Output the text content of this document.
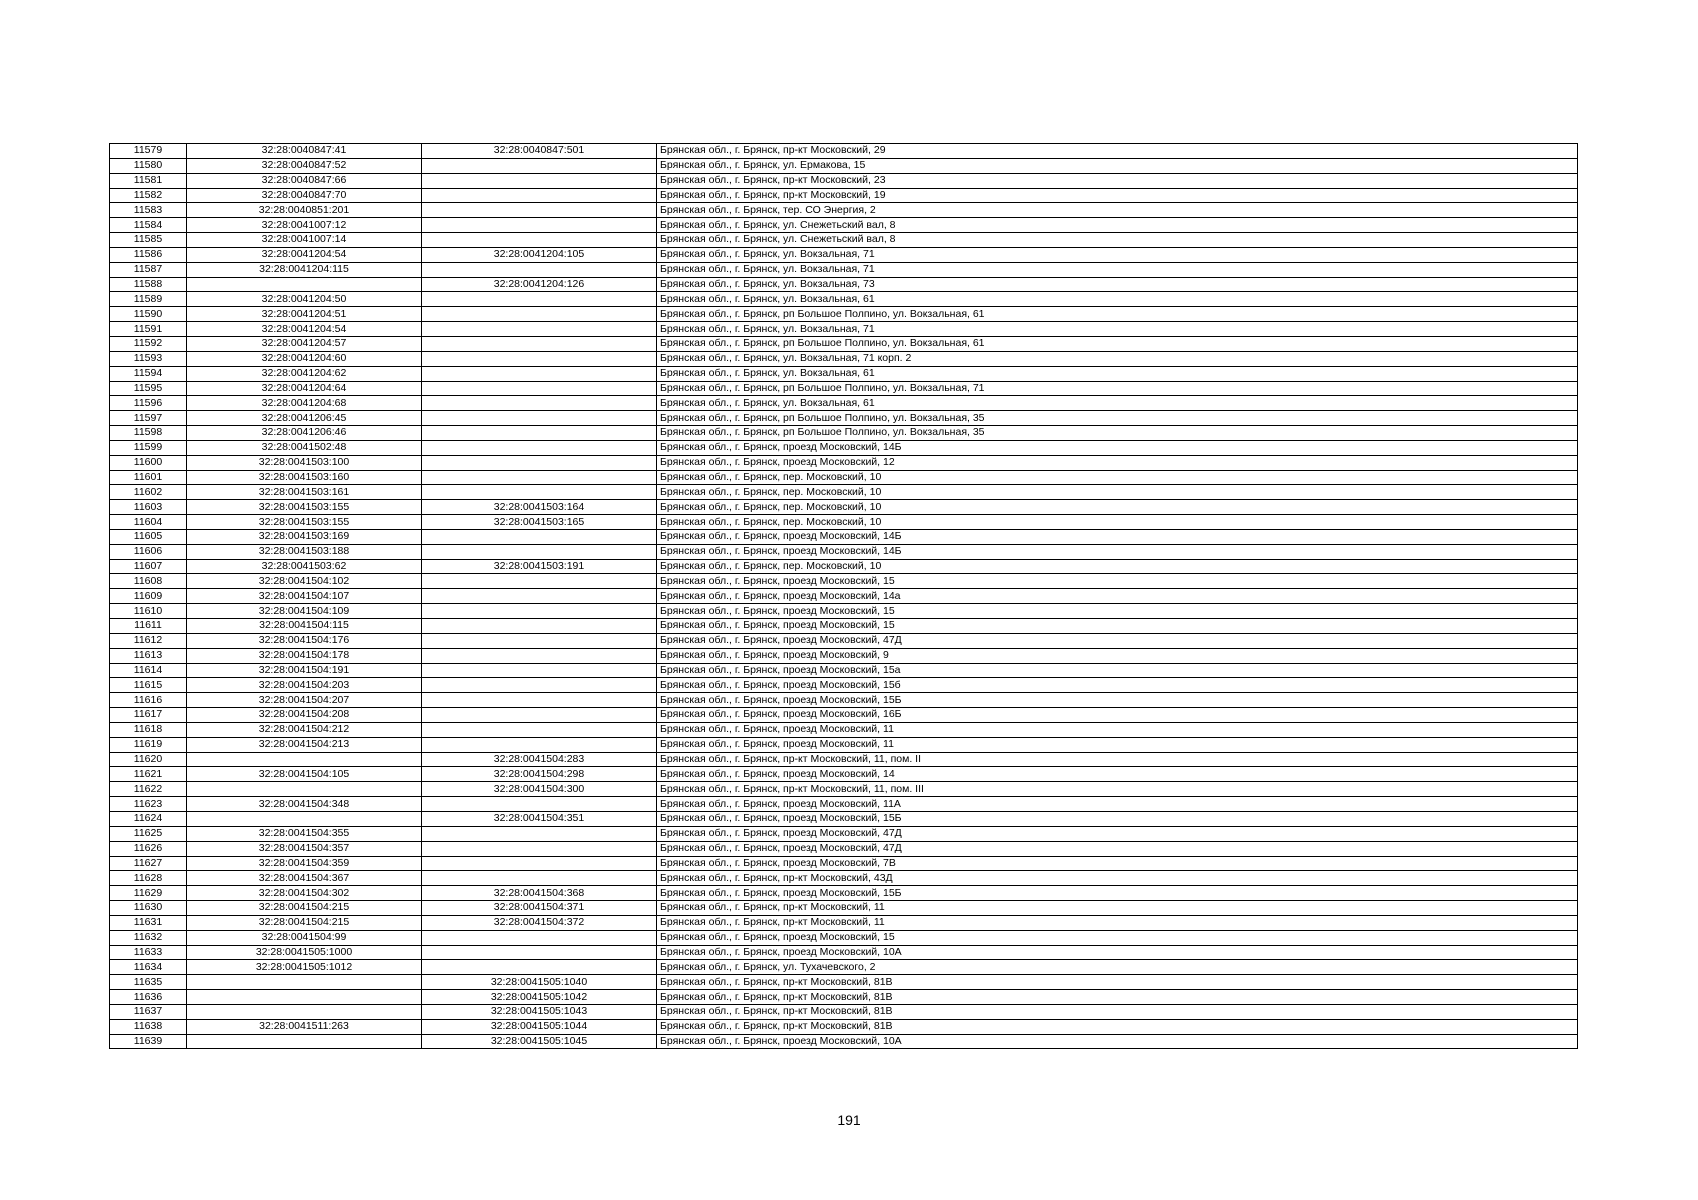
11579	32:28:0040847:41	32:28:0040847:501	Брянская обл., г. Брянск, пр-кт Московский, 29
11580	32:28:0040847:52		Брянская обл., г. Брянск, ул. Ермакова, 15
11581	32:28:0040847:66		Брянская обл., г. Брянск, пр-кт Московский, 23
11582	32:28:0040847:70		Брянская обл., г. Брянск, пр-кт Московский, 19
11583	32:28:0040851:201		Брянская обл., г. Брянск, тер. СО Энергия, 2
11584	32:28:0041007:12		Брянская обл., г. Брянск, ул. Снежетьский вал, 8
11585	32:28:0041007:14		Брянская обл., г. Брянск, ул. Снежетьский вал, 8
11586	32:28:0041204:54	32:28:0041204:105	Брянская обл., г. Брянск, ул. Вокзальная, 71
11587	32:28:0041204:115		Брянская обл., г. Брянск, ул. Вокзальная, 71
11588		32:28:0041204:126	Брянская обл., г. Брянск, ул. Вокзальная, 73
11589	32:28:0041204:50		Брянская обл., г. Брянск, ул. Вокзальная, 61
11590	32:28:0041204:51		Брянская обл., г. Брянск, рп Большое Полпино, ул. Вокзальная, 61
11591	32:28:0041204:54		Брянская обл., г. Брянск, ул. Вокзальная, 71
11592	32:28:0041204:57		Брянская обл., г. Брянск, рп Большое Полпино, ул. Вокзальная, 61
11593	32:28:0041204:60		Брянская обл., г. Брянск, ул. Вокзальная, 71 корп. 2
11594	32:28:0041204:62		Брянская обл., г. Брянск, ул. Вокзальная, 61
11595	32:28:0041204:64		Брянская обл., г. Брянск, рп Большое Полпино, ул. Вокзальная, 71
11596	32:28:0041204:68		Брянская обл., г. Брянск, ул. Вокзальная, 61
11597	32:28:0041206:45		Брянская обл., г. Брянск, рп Большое Полпино, ул. Вокзальная, 35
11598	32:28:0041206:46		Брянская обл., г. Брянск, рп Большое Полпино, ул. Вокзальная, 35
11599	32:28:0041502:48		Брянская обл., г. Брянск, проезд Московский, 14Б
11600	32:28:0041503:100		Брянская обл., г. Брянск, проезд Московский, 12
11601	32:28:0041503:160		Брянская обл., г. Брянск, пер. Московский, 10
11602	32:28:0041503:161		Брянская обл., г. Брянск, пер. Московский, 10
11603	32:28:0041503:155	32:28:0041503:164	Брянская обл., г. Брянск, пер. Московский, 10
11604	32:28:0041503:155	32:28:0041503:165	Брянская обл., г. Брянск, пер. Московский, 10
11605	32:28:0041503:169		Брянская обл., г. Брянск, проезд Московский, 14Б
11606	32:28:0041503:188		Брянская обл., г. Брянск, проезд Московский, 14Б
11607	32:28:0041503:62	32:28:0041503:191	Брянская обл., г. Брянск, пер. Московский, 10
11608	32:28:0041504:102		Брянская обл., г. Брянск, проезд Московский, 15
11609	32:28:0041504:107		Брянская обл., г. Брянск, проезд Московский, 14а
11610	32:28:0041504:109		Брянская обл., г. Брянск, проезд Московский, 15
11611	32:28:0041504:115		Брянская обл., г. Брянск, проезд Московский, 15
11612	32:28:0041504:176		Брянская обл., г. Брянск, проезд Московский, 47Д
11613	32:28:0041504:178		Брянская обл., г. Брянск, проезд Московский, 9
11614	32:28:0041504:191		Брянская обл., г. Брянск, проезд Московский, 15а
11615	32:28:0041504:203		Брянская обл., г. Брянск, проезд Московский, 15б
11616	32:28:0041504:207		Брянская обл., г. Брянск, проезд Московский, 15Б
11617	32:28:0041504:208		Брянская обл., г. Брянск, проезд Московский, 16Б
11618	32:28:0041504:212		Брянская обл., г. Брянск, проезд Московский, 11
11619	32:28:0041504:213		Брянская обл., г. Брянск, проезд Московский, 11
11620		32:28:0041504:283	Брянская обл., г. Брянск, пр-кт Московский, 11, пом. II
11621	32:28:0041504:105	32:28:0041504:298	Брянская обл., г. Брянск, проезд Московский, 14
11622		32:28:0041504:300	Брянская обл., г. Брянск, пр-кт Московский, 11, пом. III
11623	32:28:0041504:348		Брянская обл., г. Брянск, проезд Московский, 11А
11624		32:28:0041504:351	Брянская обл., г. Брянск, проезд Московский, 15Б
11625	32:28:0041504:355		Брянская обл., г. Брянск, проезд Московский, 47Д
11626	32:28:0041504:357		Брянская обл., г. Брянск, проезд Московский, 47Д
11627	32:28:0041504:359		Брянская обл., г. Брянск, проезд Московский, 7В
11628	32:28:0041504:367		Брянская обл., г. Брянск, пр-кт Московский, 43Д
11629	32:28:0041504:302	32:28:0041504:368	Брянская обл., г. Брянск, проезд Московский, 15Б
11630	32:28:0041504:215	32:28:0041504:371	Брянская обл., г. Брянск, пр-кт Московский, 11
11631	32:28:0041504:215	32:28:0041504:372	Брянская обл., г. Брянск, пр-кт Московский, 11
11632	32:28:0041504:99		Брянская обл., г. Брянск, проезд Московский, 15
11633	32:28:0041505:1000		Брянская обл., г. Брянск, проезд Московский, 10А
11634	32:28:0041505:1012		Брянская обл., г. Брянск, ул. Тухачевского, 2
11635		32:28:0041505:1040	Брянская обл., г. Брянск, пр-кт Московский, 81В
11636		32:28:0041505:1042	Брянская обл., г. Брянск, пр-кт Московский, 81В
11637		32:28:0041505:1043	Брянская обл., г. Брянск, пр-кт Московский, 81В
11638	32:28:0041511:263	32:28:0041505:1044	Брянская обл., г. Брянск, пр-кт Московский, 81В
11639		32:28:0041505:1045	Брянская обл., г. Брянск, проезд Московский, 10А
191
